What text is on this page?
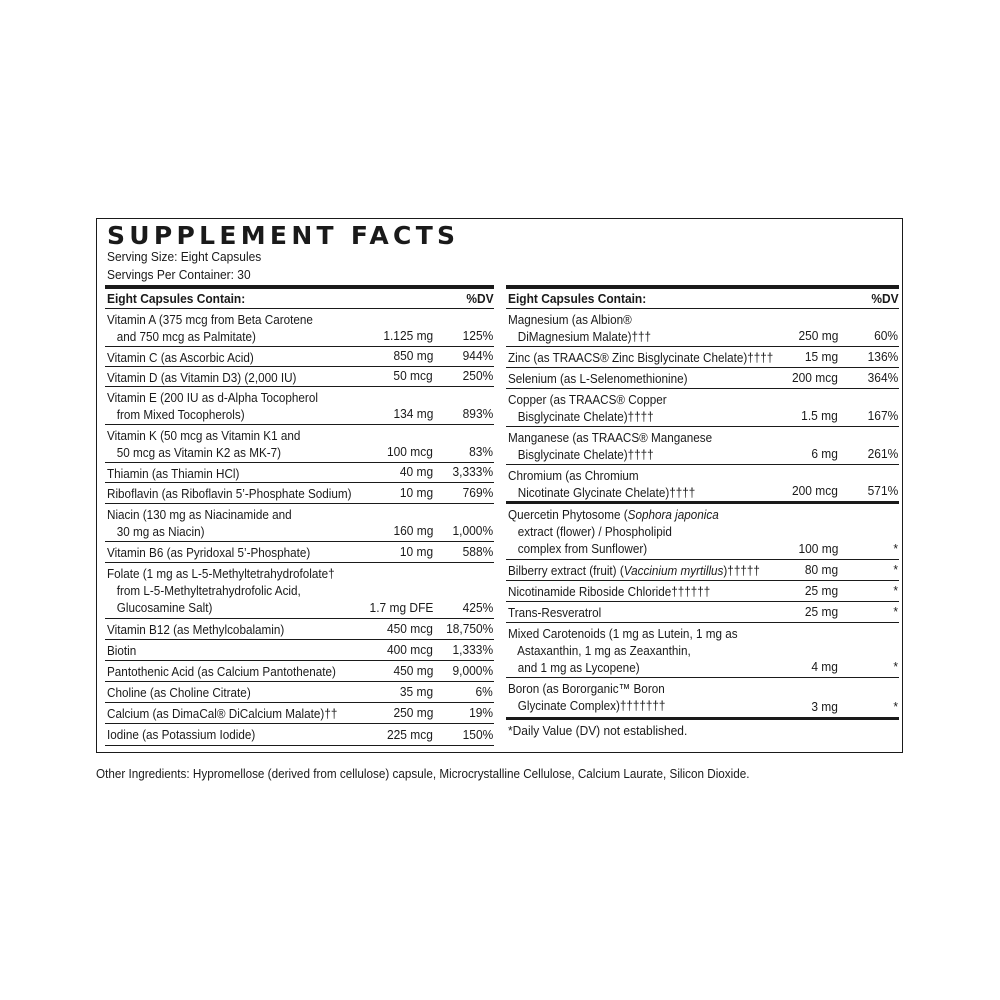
SUPPLEMENT FACTS
Serving Size: Eight Capsules
Servings Per Container: 30
Eight Capsules Contain:	%DV
Vitamin A (375 mcg from Beta Carotene
and 750 mcg as Palmitate)	1.125 mg 125%
Vitamin C (as Ascorbic Acid)	850 mg 944%
Vitamin D (as Vitamin D3) (2,000 IU)	50 mcg 250%
Vitamin E (200 IU as d-Alpha Tocopherol
from Mixed Tocopherols)	134 mg 893%
Vitamin K (50 mcg as Vitamin K1 and
50 mcg as Vitamin K2 as MK-7)	100 mcg	83%
Thiamin (as Thiamin HCl)	40 mg 3,333%
Riboflavin (as Riboflavin 5’-Phosphate Sodium)	10 mg 769%
Niacin (130 mg as Niacinamide and
30 mg as Niacin)	160 mg 1,000%
Vitamin B6 (as Pyridoxal 5’-Phosphate)	10 mg 588%
Folate (1 mg as L-5-Methyltetrahydrofolate†
from L-5-Methyltetrahydrofolic Acid,
Glucosamine Salt)	1.7 mg DFE 425%
Vitamin B12 (as Methylcobalamin)	450 mcg 18,750%
Biotin	400 mcg 1,333%
Pantothenic Acid (as Calcium Pantothenate)	450 mg 9,000%
Choline (as Choline Citrate)	35 mg	6%
Calcium (as DimaCal® DiCalcium Malate)††	250 mg	19%
Iodine (as Potassium Iodide)	225 mcg 150%
Eight Capsules Contain:	%DV
Magnesium (as Albion®
DiMagnesium Malate)†††	250 mg	60%
Zinc (as TRAACS® Zinc Bisglycinate Chelate)†††† 15 mg 136%
Selenium (as L-Selenomethionine)	200 mcg 364%
Copper (as TRAACS® Copper
Bisglycinate Chelate)††††	1.5 mg 167%
Manganese (as TRAACS® Manganese
Bisglycinate Chelate)††††	6 mg 261%
Chromium (as Chromium
Nicotinate Glycinate Chelate)††††	200 mcg 571%
Quercetin Phytosome (Sophora japonica
extract (flower) / Phospholipid
complex from Sunflower)	100 mg	*
Bilberry extract (fruit) (Vaccinium myrtillus)†††††	80 mg	*
Nicotinamide Riboside Chloride††††††	25 mg	*
Trans-Resveratrol	25 mg	*
Mixed Carotenoids (1 mg as Lutein, 1 mg as
Astaxanthin, 1 mg as Zeaxanthin,
and 1 mg as Lycopene)	4 mg	*
Boron (as Bororganic™ Boron
Glycinate Complex)†††††††	3 mg	*
*Daily Value (DV) not established.
Other Ingredients: Hypromellose (derived from cellulose) capsule, Microcrystalline Cellulose, Calcium Laurate, Silicon Dioxide.
